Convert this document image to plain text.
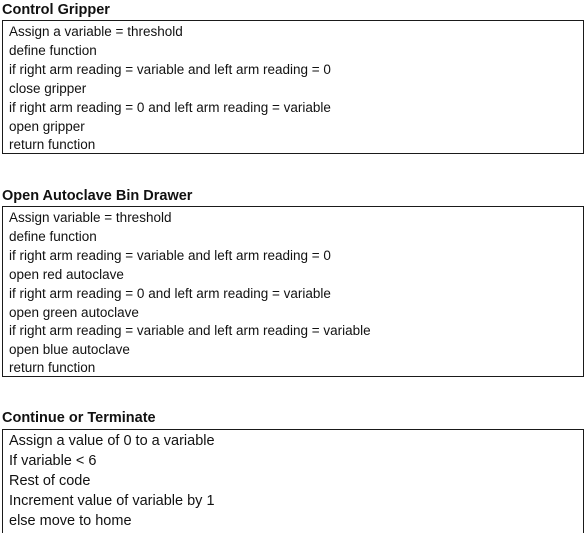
Control Gripper
Assign a variable = threshold
define function
if right arm reading = variable and left arm reading = 0
close gripper
if right arm reading = 0 and left arm reading = variable
open gripper
return function
Open Autoclave Bin Drawer
Assign variable = threshold
define function
if right arm reading = variable and left arm reading = 0
open red autoclave
if right arm reading = 0 and left arm reading = variable
open green autoclave
if right arm reading = variable and left arm reading = variable
open blue autoclave
return function
Continue or Terminate
Assign a value of 0 to a variable
If variable < 6
Rest of code
Increment value of variable by 1
else move to home
